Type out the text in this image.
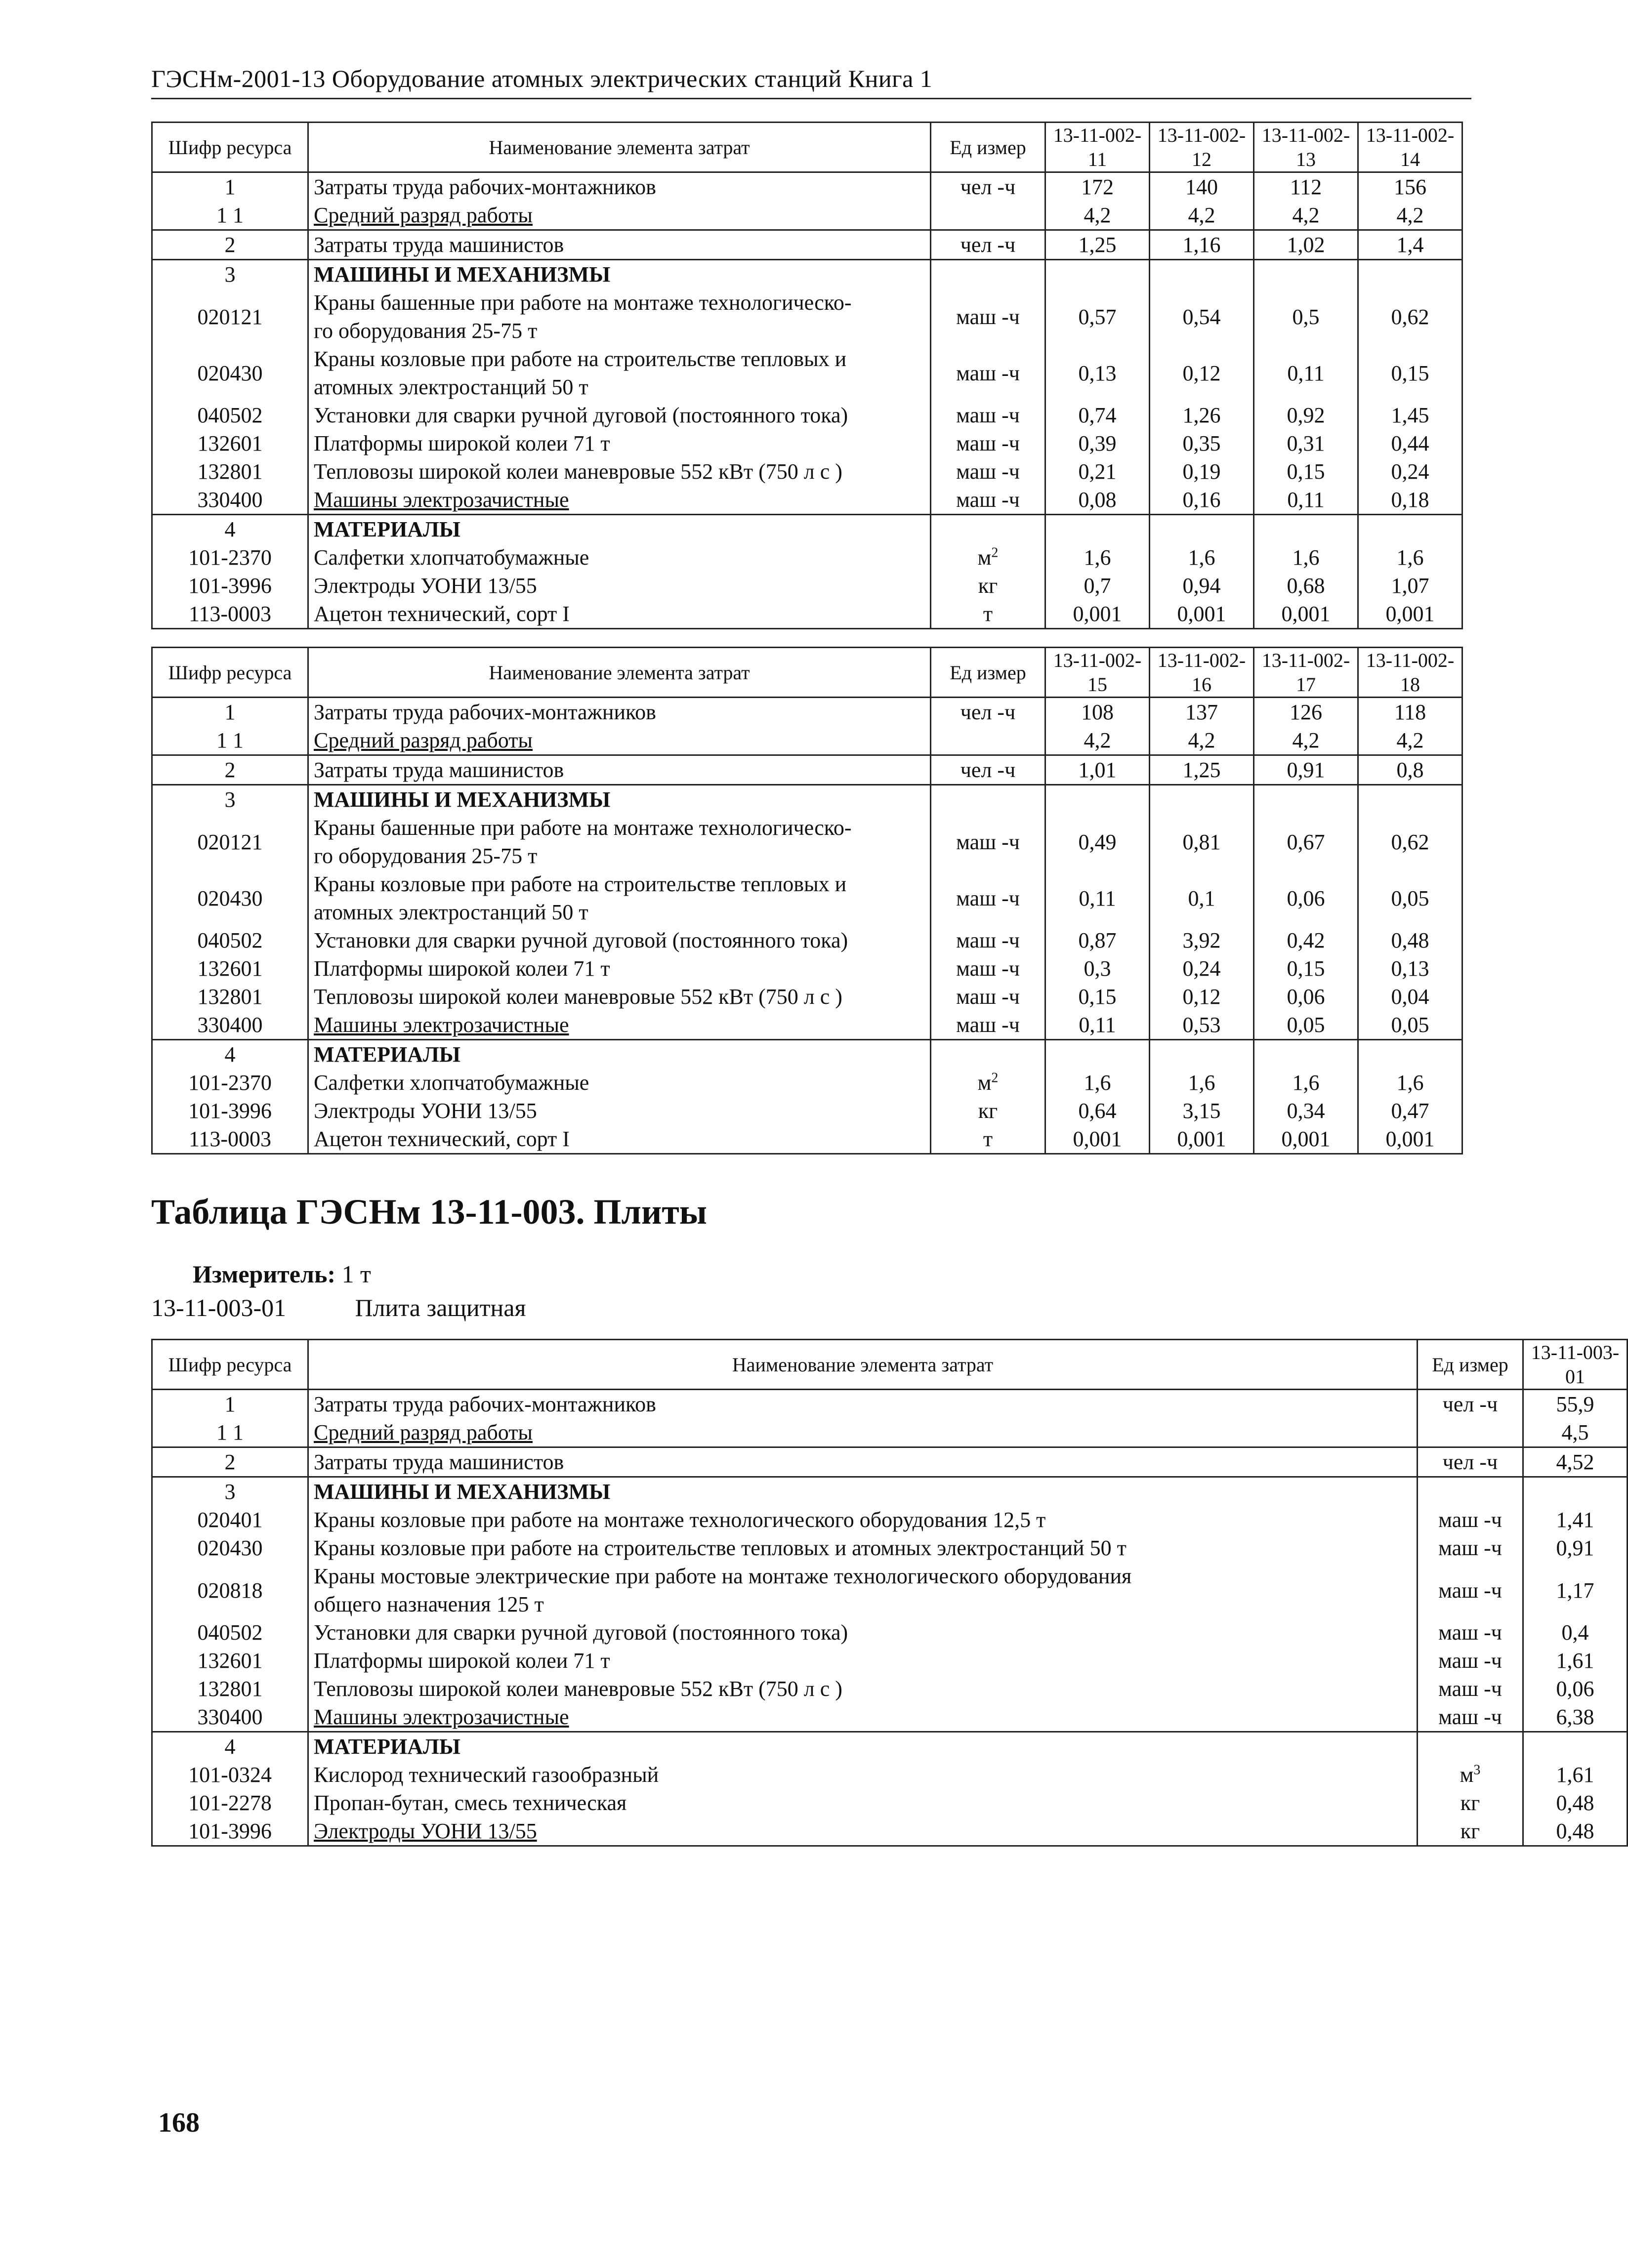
ГЭСНм-2001-13 Оборудование атомных электрических станций Книга 1
Шифр ресурса	Наименование элемента затрат	Ед измер	13-11-002-11	13-11-002-12	13-11-002-13	13-11-002-14
1	Затраты труда рабочих-монтажников	чел -ч	172	140	112	156
1 1	Средний разряд работы		4,2	4,2	4,2	4,2
2	Затраты труда машинистов	чел -ч	1,25	1,16	1,02	1,4
3	МАШИНЫ И МЕХАНИЗМЫ					

020121	Краны башенные при работе на монтаже технологическо-
го оборудования 25-75 т	маш -ч	0,57	0,54	0,5	0,62
020430	Краны козловые при работе на строительстве тепловых и
атомных электростанций 50 т	маш -ч	0,13	0,12	0,11	0,15
040502	Установки для сварки ручной дуговой (постоянного тока)	маш -ч	0,74	1,26	0,92	1,45
132601	Платформы широкой колеи 71 т	маш -ч	0,39	0,35	0,31	0,44
132801	Тепловозы широкой колеи маневровые 552 кВт (750 л с )	маш -ч	0,21	0,19	0,15	0,24
330400	Машины электрозачистные	маш -ч	0,08	0,16	0,11	0,18
4	МАТЕРИАЛЫ					

101-2370	Салфетки хлопчатобумажные	$м^2$	1,6	1,6	1,6	1,6
101-3996	Электроды УОНИ 13/55	кг	0,7	0,94	0,68	1,07
113-0003	Ацетон технический, сорт I	т	0,001	0,001	0,001	0,001
Шифр ресурса	Наименование элемента затрат	Ед измер	13-11-002-15	13-11-002-16	13-11-002-17	13-11-002-18
1	Затраты труда рабочих-монтажников	чел -ч	108	137	126	118
1 1	Средний разряд работы		4,2	4,2	4,2	4,2
2	Затраты труда машинистов	чел -ч	1,01	1,25	0,91	0,8
3	МАШИНЫ И МЕХАНИЗМЫ					

020121	Краны башенные при работе на монтаже технологическо-
го оборудования 25-75 т	маш -ч	0,49	0,81	0,67	0,62
020430	Краны козловые при работе на строительстве тепловых и
атомных электростанций 50 т	маш -ч	0,11	0,1	0,06	0,05
040502	Установки для сварки ручной дуговой (постоянного тока)	маш -ч	0,87	3,92	0,42	0,48
132601	Платформы широкой колеи 71 т	маш -ч	0,3	0,24	0,15	0,13
132801	Тепловозы широкой колеи маневровые 552 кВт (750 л с )	маш -ч	0,15	0,12	0,06	0,04
330400	Машины электрозачистные	маш -ч	0,11	0,53	0,05	0,05
4	МАТЕРИАЛЫ					

101-2370	Салфетки хлопчатобумажные	$м^2$	1,6	1,6	1,6	1,6
101-3996	Электроды УОНИ 13/55	кг	0,64	3,15	0,34	0,47
113-0003	Ацетон технический, сорт I	т	0,001	0,001	0,001	0,001
Таблица ГЭСНм 13-11-003. Плиты
Измеритель: 1 т
13-11-003-01	Плита защитная
Шифр ресурса	Наименование элемента затрат	Ед измер	13-11-003-01
1	Затраты труда рабочих-монтажников	чел -ч	55,9
1 1	Средний разряд работы		4,5
2	Затраты труда машинистов	чел -ч	4,52
3	МАШИНЫ И МЕХАНИЗМЫ		

020401	Краны козловые при работе на монтаже технологического оборудования 12,5 т	маш -ч	1,41
020430	Краны козловые при работе на строительстве тепловых и атомных электростанций 50 т	маш -ч	0,91
020818	Краны мостовые электрические при работе на монтаже технологического оборудования
общего назначения 125 т	маш -ч	1,17
040502	Установки для сварки ручной дуговой (постоянного тока)	маш -ч	0,4
132601	Платформы широкой колеи 71 т	маш -ч	1,61
132801	Тепловозы широкой колеи маневровые 552 кВт (750 л с )	маш -ч	0,06
330400	Машины электрозачистные	маш -ч	6,38
4	МАТЕРИАЛЫ		

101-0324	Кислород технический газообразный	$м^3$	1,61
101-2278	Пропан-бутан, смесь техническая	кг	0,48
101-3996	Электроды УОНИ 13/55	кг	0,48
168
